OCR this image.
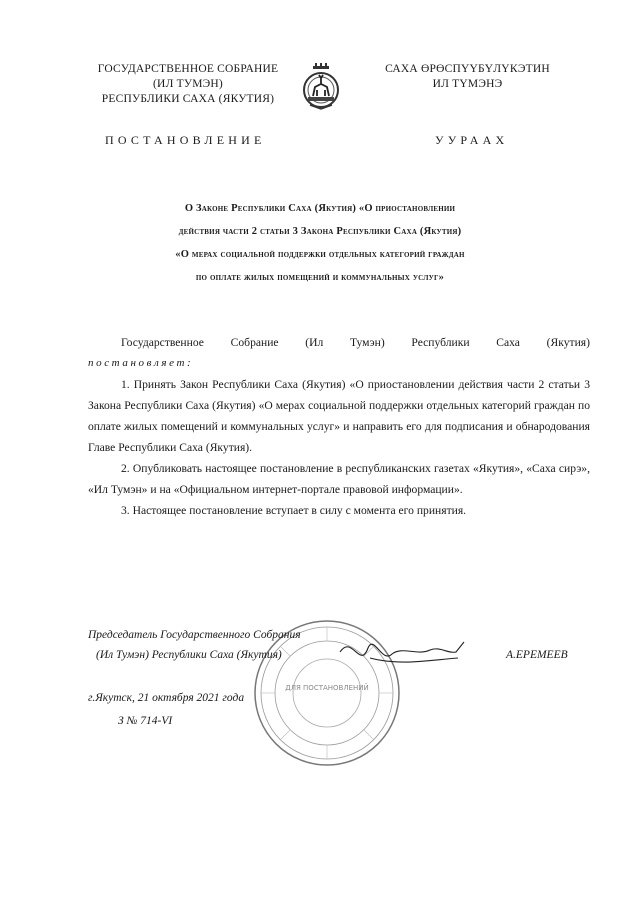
ГОСУДАРСТВЕННОЕ СОБРАНИЕ
(ИЛ ТУМЭН)
РЕСПУБЛИКИ САХА (ЯКУТИЯ)
САХА ӨРӨСПҮҮБҮЛҮКЭТИН
ИЛ ТҮМЭНЭ
ПОСТАНОВЛЕНИЕ	УУРААХ
О Законе Республики Саха (Якутия) «О приостановлении
действия части 2 статьи 3 Закона Республики Саха (Якутия)
«О мерах социальной поддержки отдельных категорий граждан
по оплате жилых помещений и коммунальных услуг»
Государственное Собрание (Ил Тумэн) Республики Саха (Якутия)
постановляет:
1. Принять Закон Республики Саха (Якутия) «О приостановлении действия части 2 статьи 3 Закона Республики Саха (Якутия) «О мерах социальной поддержки отдельных категорий граждан по оплате жилых помещений и коммунальных услуг» и направить его для подписания и обнародования Главе Республики Саха (Якутия).
2. Опубликовать настоящее постановление в республиканских газетах «Якутия», «Саха сирэ», «Ил Тумэн» и на «Официальном интернет-портале правовой информации».
3. Настоящее постановление вступает в силу с момента его принятия.
ДЛЯ ПОСТАНОВЛЕНИЙ
Председатель Государственного Собрания
(Ил Тумэн) Республики Саха (Якутия)	А.ЕРЕМЕЕВ
г.Якутск, 21 октября 2021 года
З № 714-VI
